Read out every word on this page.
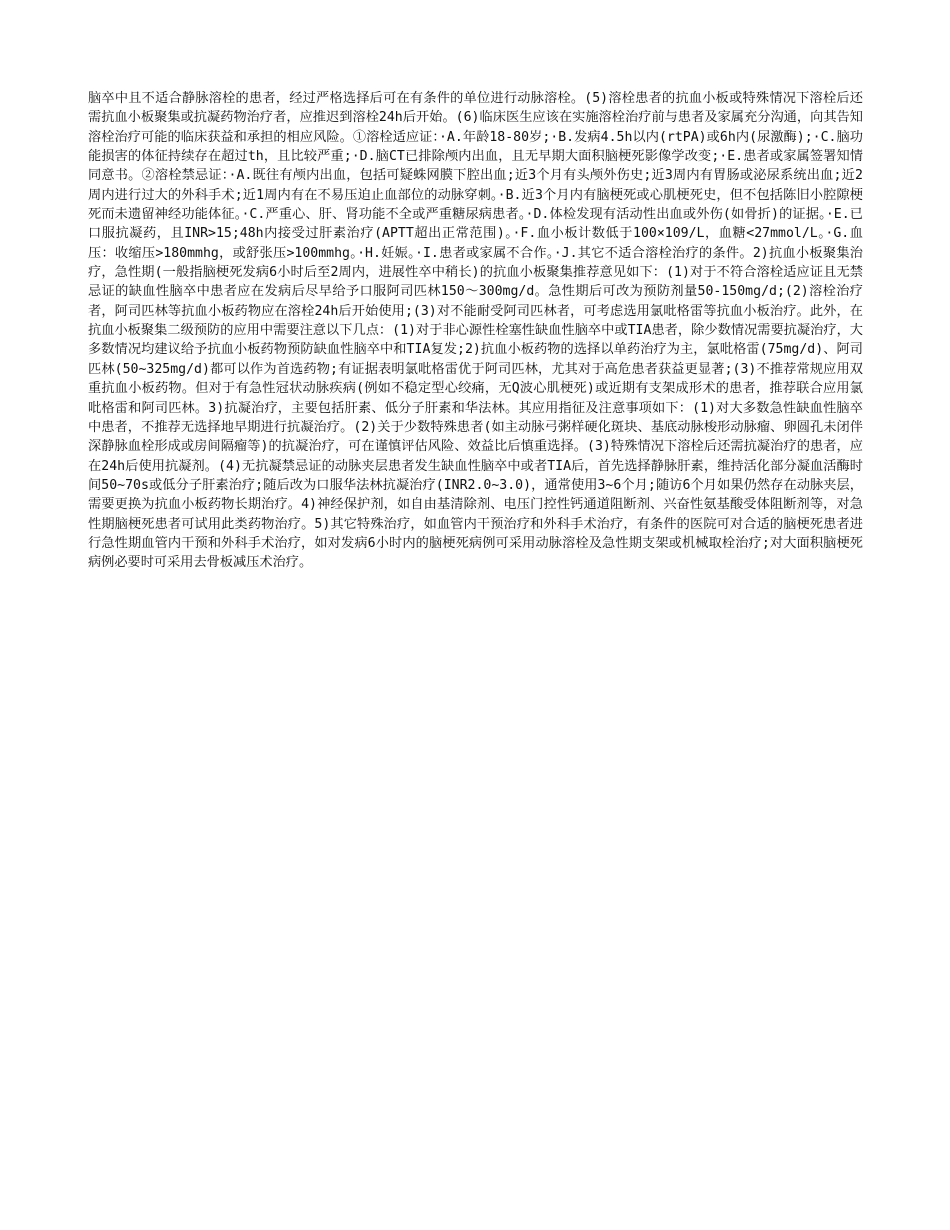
脑卒中且不适合静脉溶栓的患者，经过严格选择后可在有条件的单位进行动脉溶栓。(5)溶栓患者的抗血小板或特殊情况下溶栓后还需抗血小板聚集或抗凝药物治疗者，应推迟到溶栓24h后开始。(6)临床医生应该在实施溶栓治疗前与患者及家属充分沟通，向其告知溶栓治疗可能的临床获益和承担的相应风险。①溶栓适应证：·A.年龄18-80岁;·B.发病4.5h以内(rtPA)或6h内(尿激酶);·C.脑功能损害的体征持续存在超过th，且比较严重;·D.脑CT已排除颅内出血，且无早期大面积脑梗死影像学改变;·E.患者或家属签署知情同意书。②溶栓禁忌证：·A.既往有颅内出血，包括可疑蛛网膜下腔出血;近3个月有头颅外伤史;近3周内有胃肠或泌尿系统出血;近2周内进行过大的外科手术;近1周内有在不易压迫止血部位的动脉穿刺。·B.近3个月内有脑梗死或心肌梗死史，但不包括陈旧小腔隙梗死而未遗留神经功能体征。·C.严重心、肝、肾功能不全或严重糖尿病患者。·D.体检发现有活动性出血或外伤(如骨折)的证据。·E.已口服抗凝药，且INR>15;48h内接受过肝素治疗(APTT超出正常范围)。·F.血小板计数低于100×109/L，血糖<27mmol/L。·G.血压：收缩压>180mmhg，或舒张压>100mmhg。·H.妊娠。·I.患者或家属不合作。·J.其它不适合溶栓治疗的条件。2)抗血小板聚集治疗，急性期(一般指脑梗死发病6小时后至2周内，进展性卒中稍长)的抗血小板聚集推荐意见如下：(1)对于不符合溶栓适应证且无禁忌证的缺血性脑卒中患者应在发病后尽早给予口服阿司匹林150～300mg/d。急性期后可改为预防剂量50-150mg/d;(2)溶栓治疗者，阿司匹林等抗血小板药物应在溶栓24h后开始使用;(3)对不能耐受阿司匹林者，可考虑选用氯吡格雷等抗血小板治疗。此外，在抗血小板聚集二级预防的应用中需要注意以下几点：(1)对于非心源性栓塞性缺血性脑卒中或TIA患者，除少数情况需要抗凝治疗，大多数情况均建议给予抗血小板药物预防缺血性脑卒中和TIA复发;2)抗血小板药物的选择以单药治疗为主，氯吡格雷(75mg/d)、阿司匹林(50~325mg/d)都可以作为首选药物;有证据表明氯吡格雷优于阿司匹林，尤其对于高危患者获益更显著;(3)不推荐常规应用双重抗血小板药物。但对于有急性冠状动脉疾病(例如不稳定型心绞痛，无Q波心肌梗死)或近期有支架成形术的患者，推荐联合应用氯吡格雷和阿司匹林。3)抗凝治疗，主要包括肝素、低分子肝素和华法林。其应用指征及注意事项如下：(1)对大多数急性缺血性脑卒中患者，不推荐无选择地早期进行抗凝治疗。(2)关于少数特殊患者(如主动脉弓粥样硬化斑块、基底动脉梭形动脉瘤、卵圆孔未闭伴深静脉血栓形成或房间隔瘤等)的抗凝治疗，可在谨慎评估风险、效益比后慎重选择。(3)特殊情况下溶栓后还需抗凝治疗的患者，应在24h后使用抗凝剂。(4)无抗凝禁忌证的动脉夹层患者发生缺血性脑卒中或者TIA后，首先选择静脉肝素，维持活化部分凝血活酶时间50~70s或低分子肝素治疗;随后改为口服华法林抗凝治疗(INR2.0~3.0)，通常使用3~6个月;随访6个月如果仍然存在动脉夹层，需要更换为抗血小板药物长期治疗。4)神经保护剂，如自由基清除剂、电压门控性钙通道阻断剂、兴奋性氨基酸受体阻断剂等，对急性期脑梗死患者可试用此类药物治疗。5)其它特殊治疗，如血管内干预治疗和外科手术治疗，有条件的医院可对合适的脑梗死患者进行急性期血管内干预和外科手术治疗，如对发病6小时内的脑梗死病例可采用动脉溶栓及急性期支架或机械取栓治疗;对大面积脑梗死病例必要时可采用去骨板减压术治疗。
